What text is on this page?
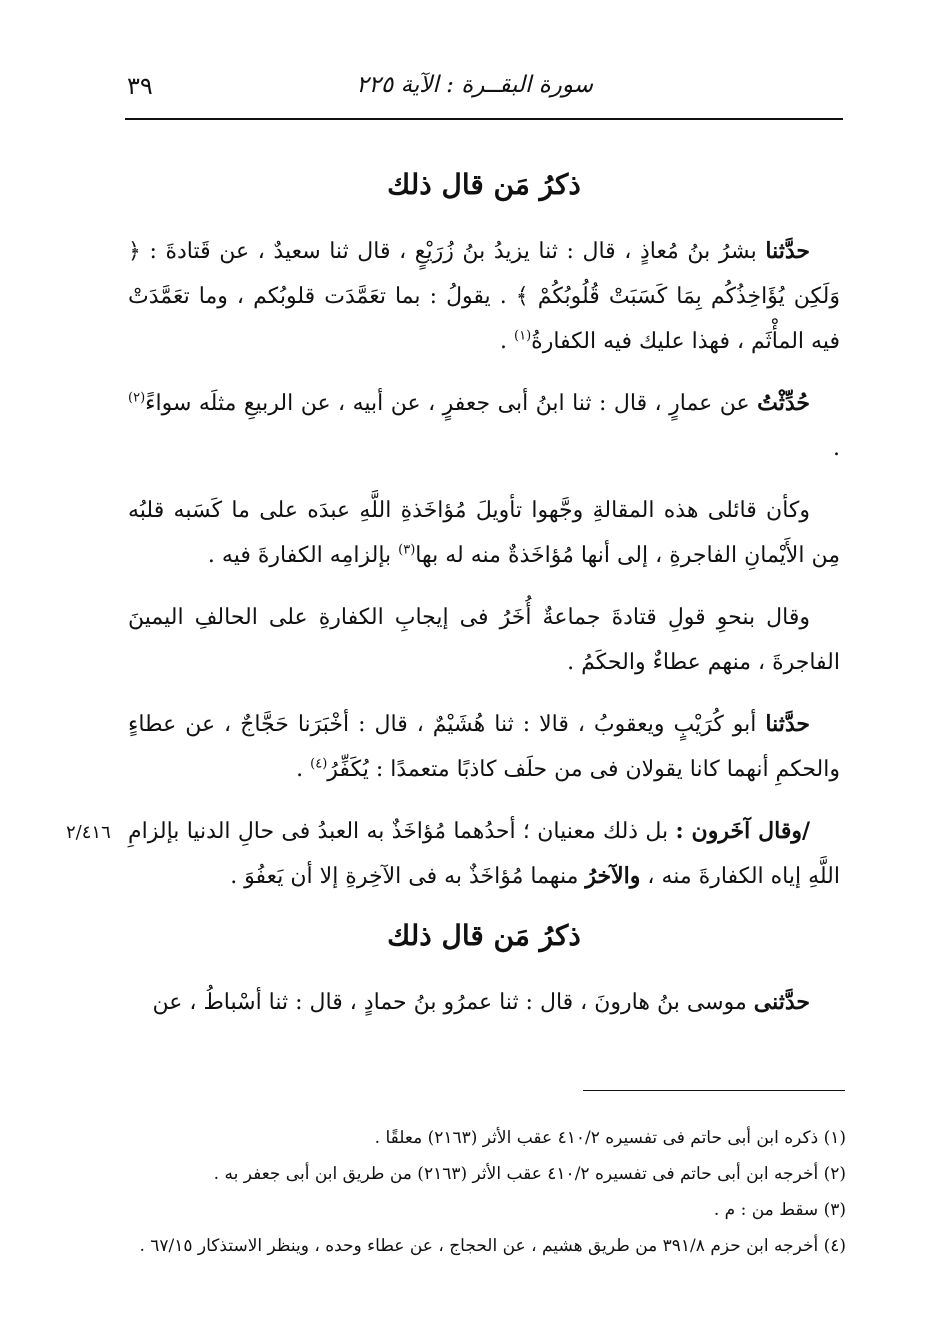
سورة البقــرة : الآية ٢٢٥
٣٩
ذكرُ مَن قال ذلك

حدَّثنا بشرُ بنُ مُعاذٍ ، قال : ثنا يزيدُ بنُ زُرَيْعٍ ، قال ثنا سعيدٌ ، عن قَتادةَ : ﴿ وَلَكِن يُؤَاخِذُكُم بِمَا كَسَبَتْ قُلُوبُكُمْ ﴾ . يقولُ : بما تعَمَّدَت قلوبُكم ، وما تعَمَّدَتْ فيه المأْثَم ، فهذا عليك فيه الكفارةُ$^{(١)}$ .

حُدِّثْتُ عن عمارٍ ، قال : ثنا ابنُ أبى جعفرٍ ، عن أبيه ، عن الربيعِ مثلَه سواءً$^{(٢)}$ .

وكأن قائلى هذه المقالةِ وجَّهوا تأويلَ مُؤاخَذةِ اللَّهِ عبدَه على ما كَسَبه قلبُه مِن الأَيْمانِ الفاجرةِ ، إلى أنها مُؤاخَذةٌ منه له بها$^{(٣)}$ بإلزامِه الكفارةَ فيه .

وقال بنحوِ قولِ قتادةَ جماعةٌ أُخَرُ فى إيجابِ الكفارةِ على الحالفِ اليمينَ الفاجرةَ ، منهم عطاءٌ والحكَمُ .

حدَّثنا أبو كُرَيْبٍ ويعقوبُ ، قالا : ثنا هُشَيْمٌ ، قال : أخْبَرَنا حَجَّاجٌ ، عن عطاءٍ والحكمِ أنهما كانا يقولان فى من حلَف كاذبًا متعمدًا : يُكَفِّرُ$^{(٤)}$ .

/وقال آخَرون : بل ذلك معنيان ؛ أحدُهما مُؤاخَذٌ به العبدُ فى حالِ الدنيا بإلزامِ اللَّهِ إياه الكفارةَ منه ، والآخرُ منهما مُؤاخَذٌ به فى الآخِرةِ إلا أن يَعفُوَ .

ذكرُ مَن قال ذلك

حدَّثنى موسى بنُ هارونَ ، قال : ثنا عمرُو بنُ حمادٍ ، قال : ثنا أسْباطُ ، عن

٢/٤١٦

(١) ذكره ابن أبى حاتم فى تفسيره ٤١٠/٢ عقب الأثر (٢١٦٣) معلقًا .

(٢) أخرجه ابن أبى حاتم فى تفسيره ٤١٠/٢ عقب الأثر (٢١٦٣) من طريق ابن أبى جعفر به .

(٣) سقط من : م .

(٤) أخرجه ابن حزم ٣٩١/٨ من طريق هشيم ، عن الحجاج ، عن عطاء وحده ، وينظر الاستذكار ٦٧/١٥ .
